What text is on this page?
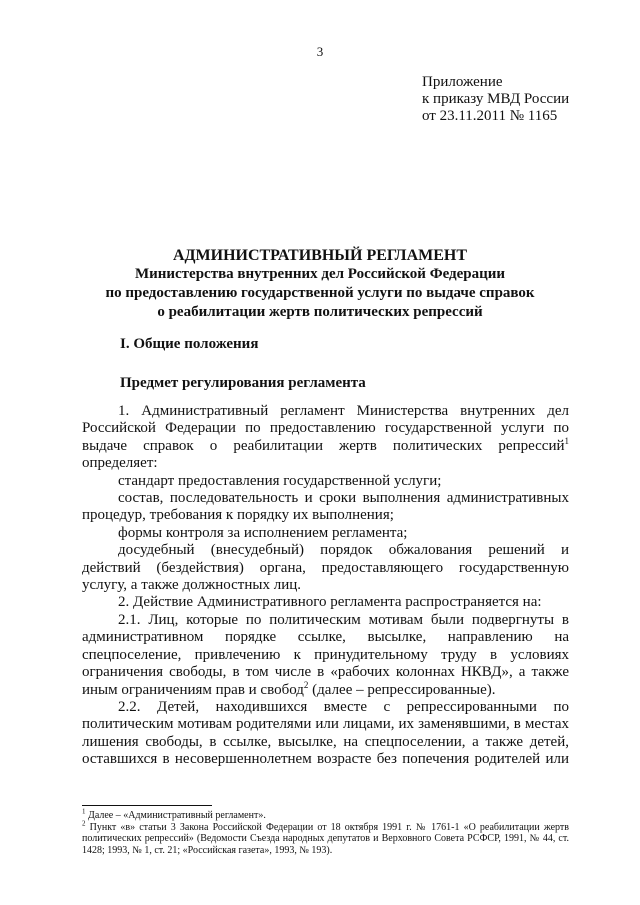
3
Приложение
к приказу МВД России
от 23.11.2011 № 1165
АДМИНИСТРАТИВНЫЙ РЕГЛАМЕНТ
Министерства внутренних дел Российской Федерации
по предоставлению государственной услуги по выдаче справок
о реабилитации жертв политических репрессий
I. Общие положения
Предмет регулирования регламента

1. Административный регламент Министерства внутренних дел Российской Федерации по предоставлению государственной услуги по выдаче справок о реабилитации жертв политических репрессий$^1$ определяет:

стандарт предоставления государственной услуги;

состав, последовательность и сроки выполнения административных процедур, требования к порядку их выполнения;

формы контроля за исполнением регламента;

досудебный (внесудебный) порядок обжалования решений и действий (бездействия) органа, предоставляющего государственную услугу, а также должностных лиц.

2. Действие Административного регламента распространяется на:

2.1. Лиц, которые по политическим мотивам были подвергнуты в административном порядке ссылке, высылке, направлению на спецпоселение, привлечению к принудительному труду в условиях ограничения свободы, в том числе в «рабочих колоннах НКВД», а также иным ограничениям прав и свобод$^2$ (далее – репрессированные).

2.2. Детей, находившихся вместе с репрессированными по политическим мотивам родителями или лицами, их заменявшими, в местах лишения свободы, в ссылке, высылке, на спецпоселении, а также детей, оставшихся в несовершеннолетнем возрасте без попечения родителей или

$^1$ Далее – «Административный регламент».

$^2$ Пункт «в» статьи 3 Закона Российской Федерации от 18 октября 1991 г. № 1761-1 «О реабилитации жертв политических репрессий» (Ведомости Съезда народных депутатов и Верховного Совета РСФСР, 1991, № 44, ст. 1428; 1993, № 1, ст. 21; «Российская газета», 1993, № 193).
